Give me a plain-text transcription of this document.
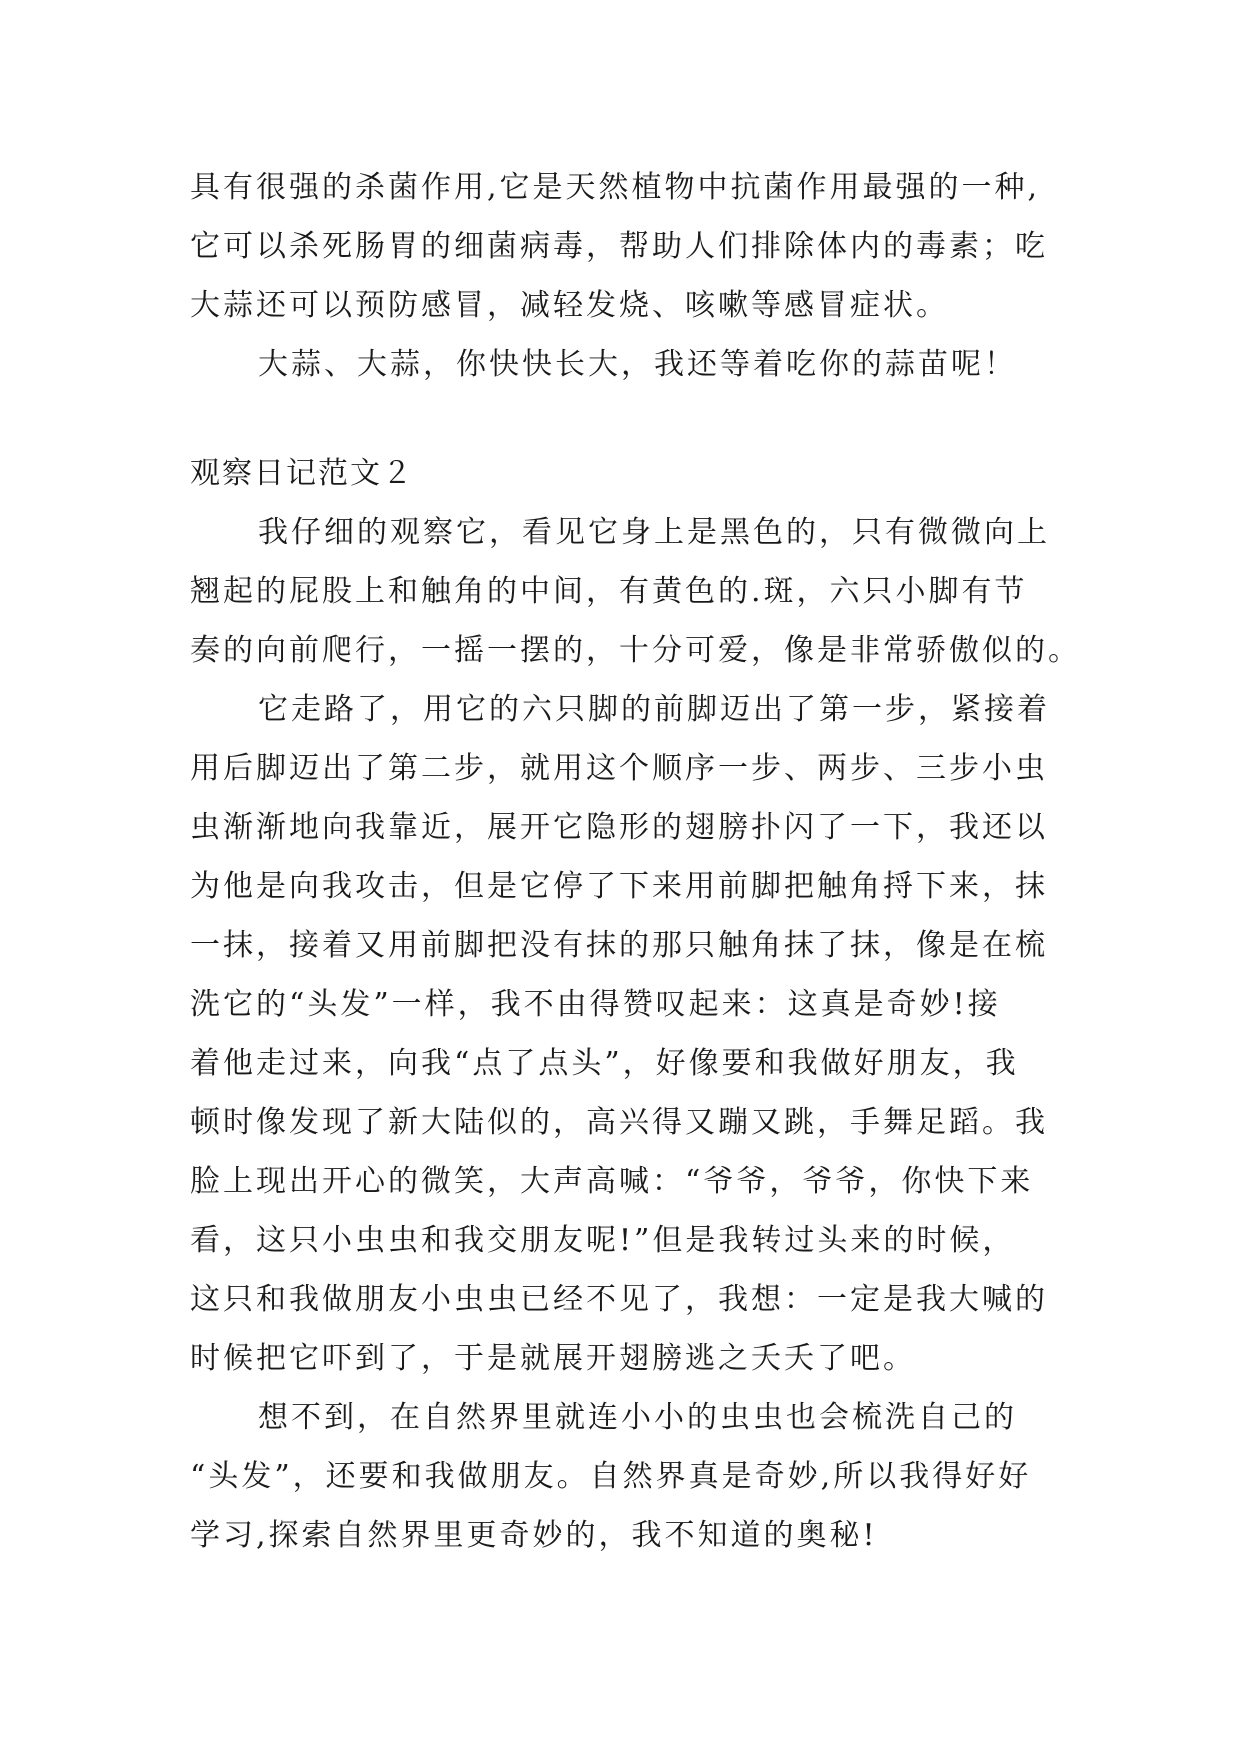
具有很强的杀菌作用,它是天然植物中抗菌作用最强的一种,
它可以杀死肠胃的细菌病毒，帮助人们排除体内的毒素；吃
大蒜还可以预防感冒，减轻发烧、咳嗽等感冒症状。
大蒜、大蒜，你快快长大，我还等着吃你的蒜苗呢！
观察日记范文２
我仔细的观察它，看见它身上是黑色的，只有微微向上
翘起的屁股上和触角的中间，有黄色的.斑，六只小脚有节
奏的向前爬行，一摇一摆的，十分可爱，像是非常骄傲似的。
它走路了，用它的六只脚的前脚迈出了第一步，紧接着
用后脚迈出了第二步，就用这个顺序一步、两步、三步小虫
虫渐渐地向我靠近，展开它隐形的翅膀扑闪了一下，我还以
为他是向我攻击，但是它停了下来用前脚把触角捋下来，抹
一抹，接着又用前脚把没有抹的那只触角抹了抹，像是在梳
洗它的“头发”一样，我不由得赞叹起来：这真是奇妙!接
着他走过来，向我“点了点头”，好像要和我做好朋友，我
顿时像发现了新大陆似的，高兴得又蹦又跳，手舞足蹈。我
脸上现出开心的微笑，大声高喊：“爷爷，爷爷，你快下来
看，这只小虫虫和我交朋友呢!”但是我转过头来的时候，
这只和我做朋友小虫虫已经不见了，我想：一定是我大喊的
时候把它吓到了，于是就展开翅膀逃之夭夭了吧。
想不到，在自然界里就连小小的虫虫也会梳洗自己的
“头发”，还要和我做朋友。自然界真是奇妙,所以我得好好
学习,探索自然界里更奇妙的，我不知道的奥秘!
